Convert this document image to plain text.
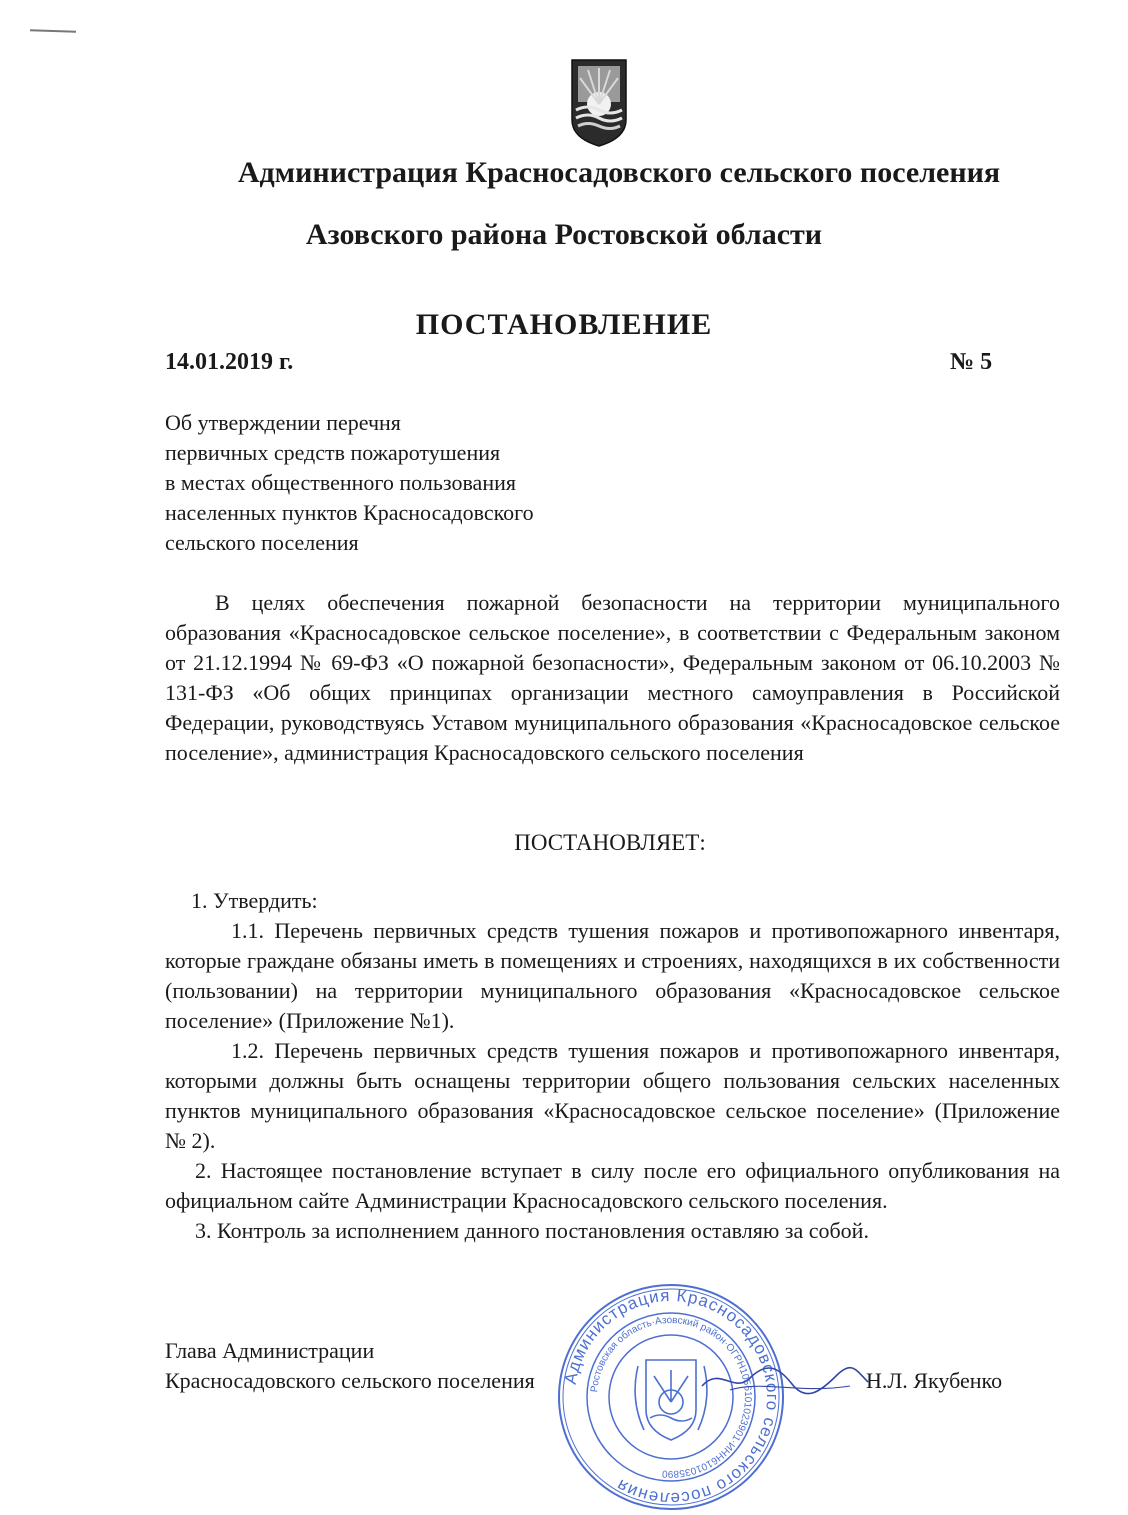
Администрация Красносадовского сельского поселения
Азовского района Ростовской области
ПОСТАНОВЛЕНИЕ
14.01.2019 г.	№ 5
Об утверждении перечня
первичных средств пожаротушения
в местах общественного пользования
населенных пунктов Красносадовского
сельского поселения
В целях обеспечения пожарной безопасности на территории муниципального образования «Красносадовское сельское поселение», в соответствии с Федеральным законом от 21.12.1994 № 69-ФЗ «О пожарной безопасности», Федеральным законом от 06.10.2003 № 131-ФЗ «Об общих принципах организации местного самоуправления в Российской Федерации, руководствуясь Уставом муниципального образования «Красносадовское сельское поселение», администрация Красносадовского сельского поселения
ПОСТАНОВЛЯЕТ:
1. Утвердить:
1.1. Перечень первичных средств тушения пожаров и противопожарного инвентаря, которые граждане обязаны иметь в помещениях и строениях, находящихся в их собственности (пользовании) на территории муниципального образования «Красносадовское сельское поселение» (Приложение №1).
1.2. Перечень первичных средств тушения пожаров и противопожарного инвентаря, которыми должны быть оснащены территории общего пользования сельских населенных пунктов муниципального образования «Красносадовское сельское поселение» (Приложение № 2).
2. Настоящее постановление вступает в силу после его официального опубликования на официальном сайте Администрации Красносадовского сельского поселения.
3. Контроль за исполнением данного постановления оставляю за собой.
Глава Администрации
Красносадовского сельского поселения	Н.Л. Якубенко
Администрация Красносадовского сельского поселения
Ростовская область·Азовский район·ОГРН1056101023901·ИНН6101035890
